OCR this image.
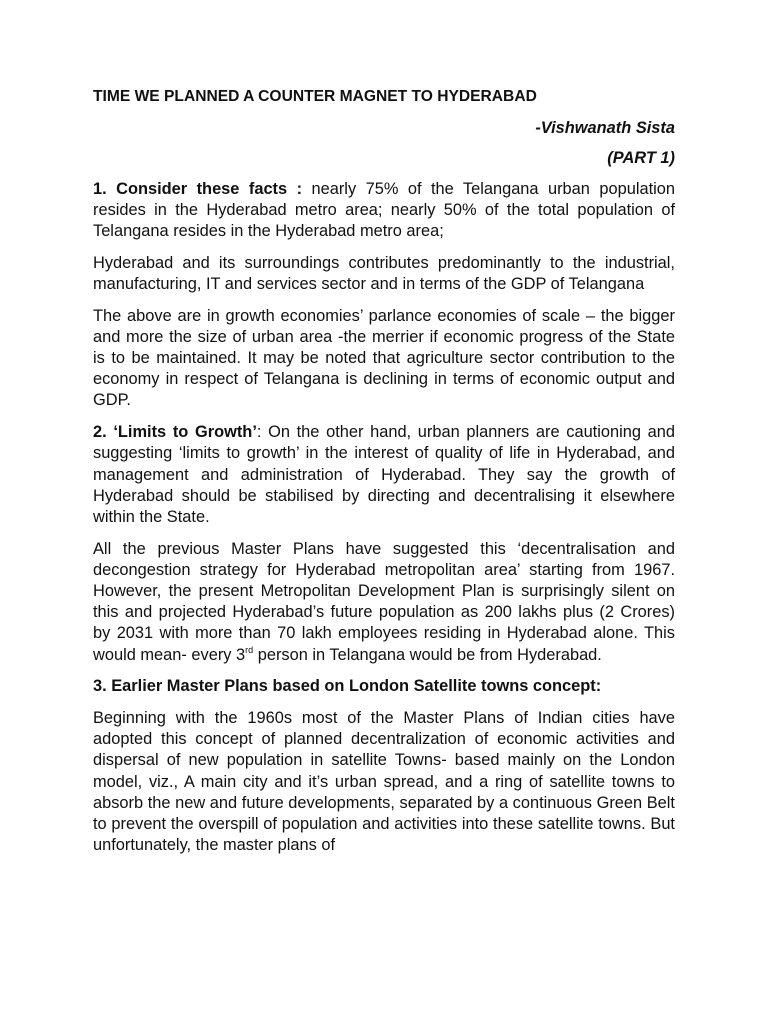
TIME WE PLANNED A COUNTER MAGNET TO HYDERABAD
-Vishwanath Sista
(PART 1)

1. Consider these facts : nearly 75% of the Telangana urban population resides in the Hyderabad metro area; nearly 50% of the total population of Telangana resides in the Hyderabad metro area;

Hyderabad and its surroundings contributes predominantly to the industrial, manufacturing, IT and services sector and in terms of the GDP of Telangana

The above are in growth economies’ parlance economies of scale – the bigger and more the size of urban area -the merrier if economic progress of the State is to be maintained. It may be noted that agriculture sector contribution to the economy in respect of Telangana is declining in terms of economic output and GDP.

2. ‘Limits to Growth’: On the other hand, urban planners are cautioning and suggesting ‘limits to growth’ in the interest of quality of life in Hyderabad, and management and administration of Hyderabad. They say the growth of Hyderabad should be stabilised by directing and decentralising it elsewhere within the State.

All the previous Master Plans have suggested this ‘decentralisation and decongestion strategy for Hyderabad metropolitan area’ starting from 1967. However, the present Metropolitan Development Plan is surprisingly silent on this and projected Hyderabad’s future population as 200 lakhs plus (2 Crores) by 2031 with more than 70 lakh employees residing in Hyderabad alone. This would mean- every 3rd person in Telangana would be from Hyderabad.

3. Earlier Master Plans based on London Satellite towns concept:

Beginning with the 1960s most of the Master Plans of Indian cities have adopted this concept of planned decentralization of economic activities and dispersal of new population in satellite Towns- based mainly on the London model, viz., A main city and it’s urban spread, and a ring of satellite towns to absorb the new and future developments, separated by a continuous Green Belt to prevent the overspill of population and activities into these satellite towns. But unfortunately, the master plans of
